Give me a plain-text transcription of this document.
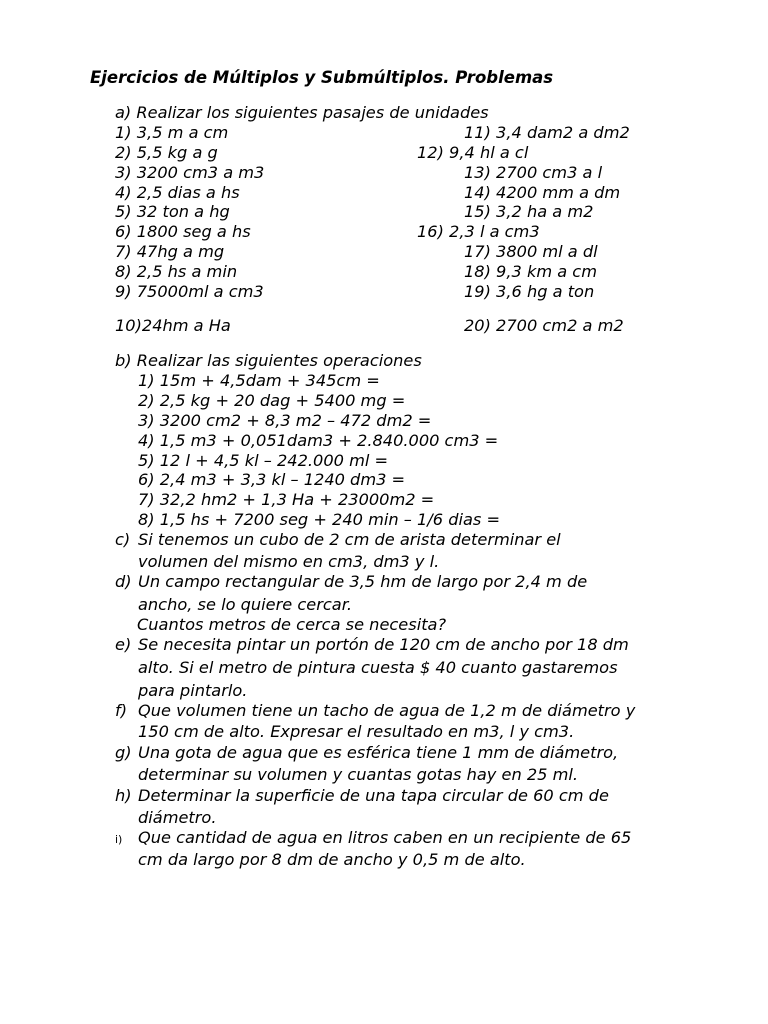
Ejercicios de Múltiplos y Submúltiplos. Problemas
a) Realizar los siguientes pasajes de unidades
1) 3,5 m a cm
2) 5,5 kg a g
3) 3200 cm3 a m3
4) 2,5 dias a hs
5) 32 ton a hg
6) 1800 seg a hs
7) 47hg a mg
8) 2,5 hs a min
9) 75000ml a cm3
10)24hm a Ha
11) 3,4 dam2 a dm2
12) 9,4 hl a cl
13) 2700 cm3 a l
14) 4200 mm a dm
15) 3,2 ha a m2
16) 2,3 l a cm3
17) 3800 ml a dl
18) 9,3 km a cm
19) 3,6 hg a ton
20) 2700 cm2 a m2
b) Realizar las siguientes operaciones
1) 15m + 4,5dam + 345cm =
2) 2,5 kg + 20 dag + 5400 mg =
3) 3200 cm2 + 8,3 m2 – 472 dm2 =
4) 1,5 m3 + 0,051dam3 + 2.840.000 cm3 =
5) 12 l + 4,5 kl – 242.000 ml =
6) 2,4 m3 + 3,3 kl – 1240 dm3 =
7) 32,2 hm2 + 1,3 Ha + 23000m2 =
8) 1,5 hs + 7200 seg + 240 min – 1/6 dias =
c) Si tenemos un cubo de 2 cm de arista determinar el
volumen del mismo en cm3, dm3 y l.
d) Un campo rectangular de 3,5 hm de largo por 2,4 m de
ancho, se lo quiere cercar.
Cuantos metros de cerca se necesita?
e) Se necesita pintar un portón de 120 cm de ancho por 18 dm
alto. Si el metro de pintura cuesta $ 40 cuanto gastaremos
para pintarlo.
f) Que volumen tiene un tacho de agua de 1,2 m de diámetro y
150 cm de alto. Expresar el resultado en m3, l y cm3.
g) Una gota de agua que es esférica tiene 1 mm de diámetro,
determinar su volumen y cuantas gotas hay en 25 ml.
h) Determinar la superficie de una tapa circular de 60 cm de
diámetro.
i) Que cantidad de agua en litros caben en un recipiente de 65
cm da largo por 8 dm de ancho y 0,5 m de alto.
